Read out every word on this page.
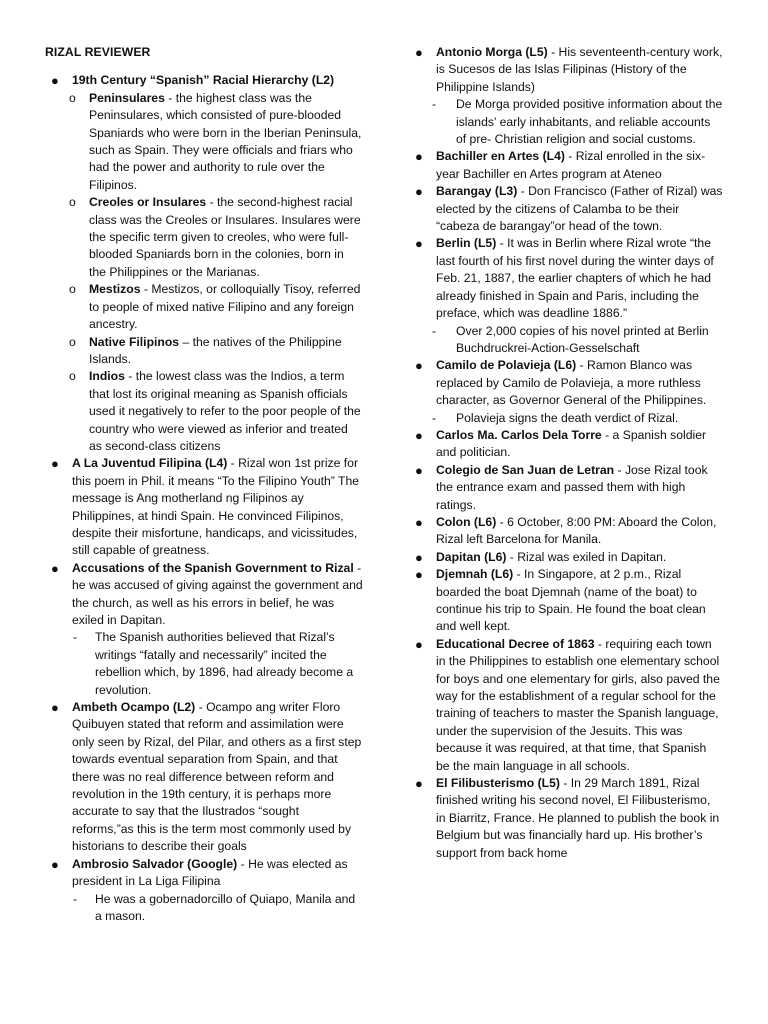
RIZAL REVIEWER
● 19th Century “Spanish” Racial Hierarchy (L2)
o Peninsulares - the highest class was the Peninsulares, which consisted of pure-blooded Spaniards who were born in the Iberian Peninsula, such as Spain. They were officials and friars who had the power and authority to rule over the Filipinos.
o Creoles or Insulares - the second-highest racial class was the Creoles or Insulares. Insulares were the specific term given to creoles, who were full-blooded Spaniards born in the colonies, born in the Philippines or the Marianas.
o Mestizos - Mestizos, or colloquially Tisoy, referred to people of mixed native Filipino and any foreign ancestry.
o Native Filipinos – the natives of the Philippine Islands.
o Indios - the lowest class was the Indios, a term that lost its original meaning as Spanish officials used it negatively to refer to the poor people of the country who were viewed as inferior and treated as second-class citizens
● A La Juventud Filipina (L4) - Rizal won 1st prize for this poem in Phil. it means “To the Filipino Youth” The message is Ang motherland ng Filipinos ay Philippines, at hindi Spain. He convinced Filipinos, despite their misfortune, handicaps, and vicissitudes, still capable of greatness.
● Accusations of the Spanish Government to Rizal - he was accused of giving against the government and the church, as well as his errors in belief, he was exiled in Dapitan.
- The Spanish authorities believed that Rizal’s writings “fatally and necessarily” incited the rebellion which, by 1896, had already become a revolution.
● Ambeth Ocampo (L2) - Ocampo ang writer Floro Quibuyen stated that reform and assimilation were only seen by Rizal, del Pilar, and others as a first step towards eventual separation from Spain, and that there was no real difference between reform and revolution in the 19th century, it is perhaps more accurate to say that the Ilustrados “sought reforms,”as this is the term most commonly used by historians to describe their goals
● Ambrosio Salvador (Google) - He was elected as president in La Liga Filipina
- He was a gobernadorcillo of Quiapo, Manila and a mason.
● Antonio Morga (L5) - His seventeenth-century work, is Sucesos de las Islas Filipinas (History of the Philippine Islands)
- De Morga provided positive information about the islands’ early inhabitants, and reliable accounts of pre- Christian religion and social customs.
● Bachiller en Artes (L4) - Rizal enrolled in the six-year Bachiller en Artes program at Ateneo
● Barangay (L3) - Don Francisco (Father of Rizal) was elected by the citizens of Calamba to be their “cabeza de barangay”or head of the town.
● Berlin (L5) - It was in Berlin where Rizal wrote “the last fourth of his first novel during the winter days of Feb. 21, 1887, the earlier chapters of which he had already finished in Spain and Paris, including the preface, which was deadline 1886.”
- Over 2,000 copies of his novel printed at Berlin Buchdruckrei-Action-Gesselschaft
● Camilo de Polavieja (L6) - Ramon Blanco was replaced by Camilo de Polavieja, a more ruthless character, as Governor General of the Philippines.
- Polavieja signs the death verdict of Rizal.
● Carlos Ma. Carlos Dela Torre - a Spanish soldier and politician.
● Colegio de San Juan de Letran - Jose Rizal took the entrance exam and passed them with high ratings.
● Colon (L6) - 6 October, 8:00 PM: Aboard the Colon, Rizal left Barcelona for Manila.
● Dapitan (L6) - Rizal was exiled in Dapitan.
● Djemnah (L6) - In Singapore, at 2 p.m., Rizal boarded the boat Djemnah (name of the boat) to continue his trip to Spain. He found the boat clean and well kept.
● Educational Decree of 1863 - requiring each town in the Philippines to establish one elementary school for boys and one elementary for girls, also paved the way for the establishment of a regular school for the training of teachers to master the Spanish language, under the supervision of the Jesuits. This was because it was required, at that time, that Spanish be the main language in all schools.
● El Filibusterismo (L5) - In 29 March 1891, Rizal finished writing his second novel, El Filibusterismo, in Biarritz, France. He planned to publish the book in Belgium but was financially hard up. His brother’s support from back home
